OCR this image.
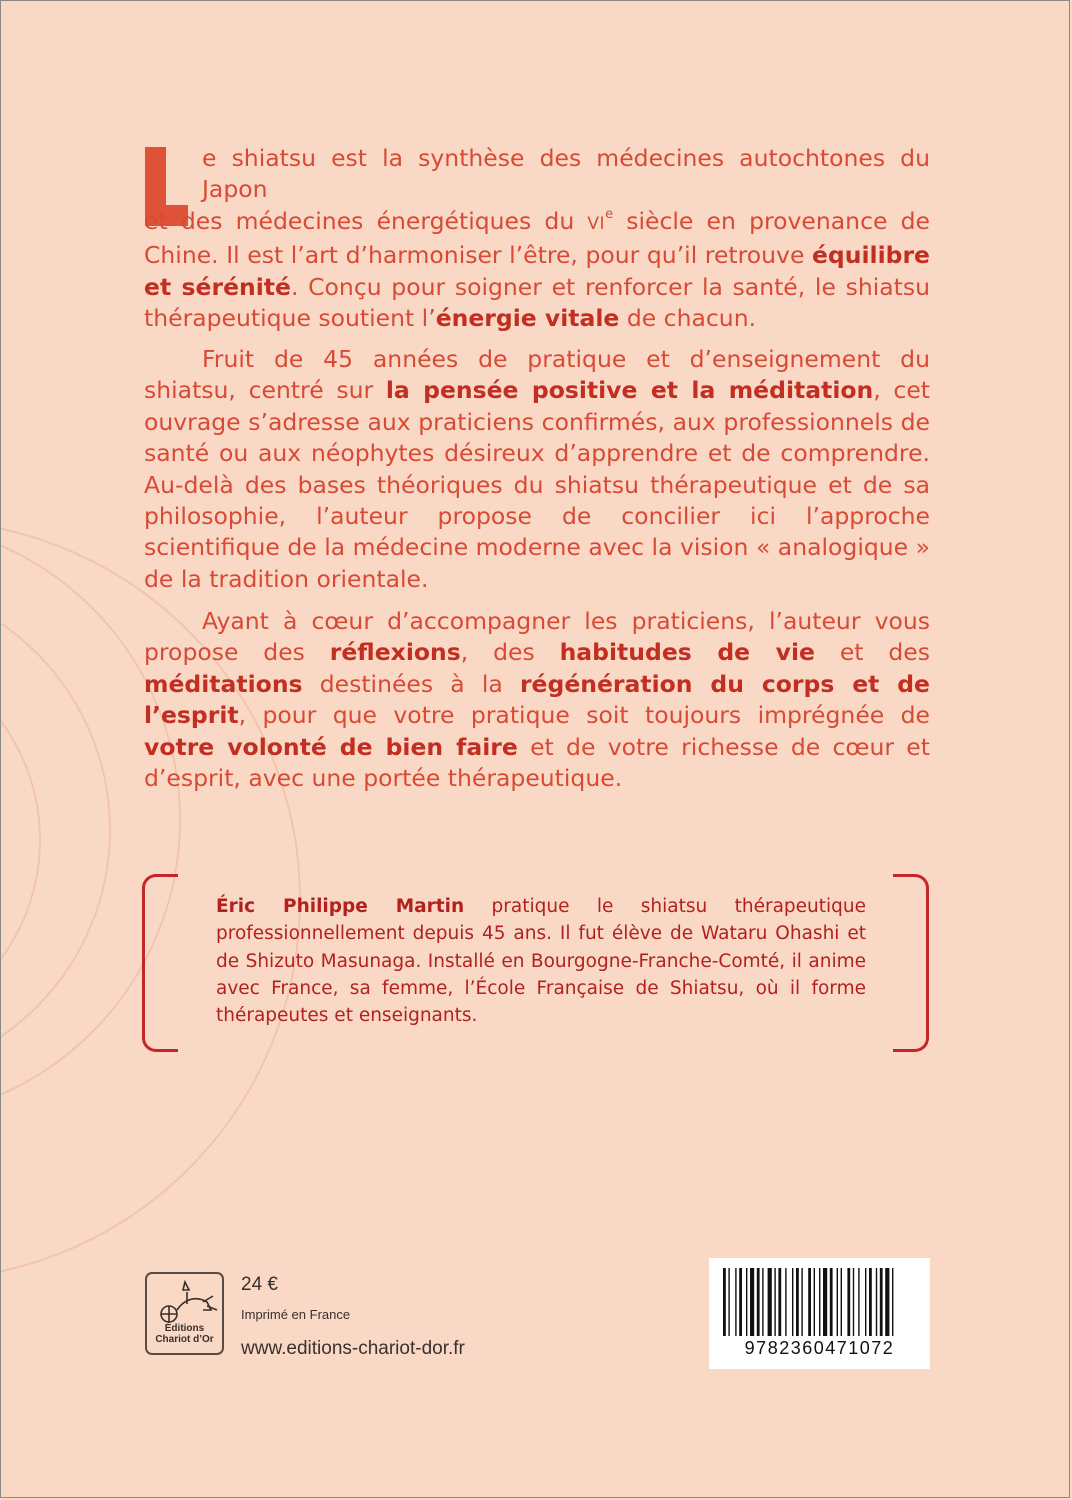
e shiatsu est la synthèse des médecines autochtones du Japon
et des médecines énergétiques du VIe siècle en provenance de Chine. Il est l’art d’harmoniser l’être, pour qu’il retrouve équilibre et sérénité. Conçu pour soigner et renforcer la santé, le shiatsu thérapeutique soutient l’énergie vitale de chacun.

Fruit de 45 années de pratique et d’enseignement du shiatsu, centré sur la pensée positive et la méditation, cet ouvrage s’adresse aux praticiens confirmés, aux professionnels de santé ou aux néophytes désireux d’apprendre et de comprendre. Au-delà des bases théoriques du shiatsu thérapeutique et de sa philosophie, l’auteur propose de concilier ici l’approche scientifique de la médecine moderne avec la vision « analogique » de la tradition orientale.

Ayant à cœur d’accompagner les praticiens, l’auteur vous propose des réflexions, des habitudes de vie et des méditations destinées à la régénération du corps et de l’esprit, pour que votre pratique soit toujours imprégnée de votre volonté de bien faire et de votre richesse de cœur et d’esprit, avec une portée thérapeutique.

Éric Philippe Martin pratique le shiatsu thérapeutique professionnellement depuis 45 ans. Il fut élève de Wataru Ohashi et de Shizuto Masunaga. Installé en Bourgogne-Franche-Comté, il anime avec France, sa femme, l’École Française de Shiatsu, où il forme thérapeutes et enseignants.

Éditions
Chariot d’Or
24 €
Imprimé en France
www.editions-chariot-dor.fr	9782360471072
